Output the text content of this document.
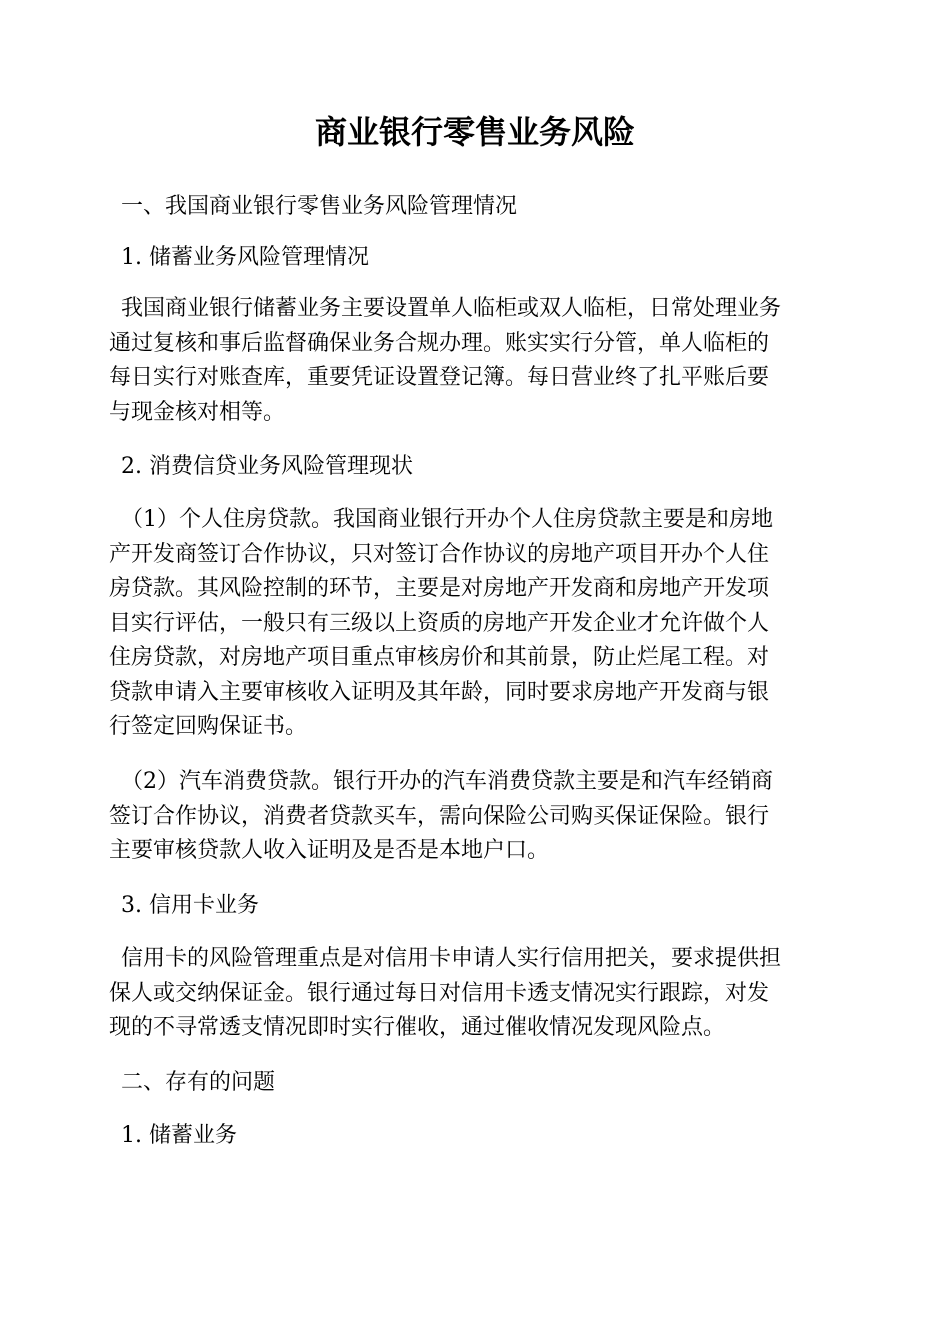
商业银行零售业务风险
一、我国商业银行零售业务风险管理情况
1. 储蓄业务风险管理情况
我国商业银行储蓄业务主要设置单人临柜或双人临柜，日常处理业务
通过复核和事后监督确保业务合规办理。账实实行分管，单人临柜的
每日实行对账查库，重要凭证设置登记簿。每日营业终了扎平账后要
与现金核对相等。
2. 消费信贷业务风险管理现状
（1）个人住房贷款。我国商业银行开办个人住房贷款主要是和房地
产开发商签订合作协议，只对签订合作协议的房地产项目开办个人住
房贷款。其风险控制的环节，主要是对房地产开发商和房地产开发项
目实行评估，一般只有三级以上资质的房地产开发企业才允许做个人
住房贷款，对房地产项目重点审核房价和其前景，防止烂尾工程。对
贷款申请入主要审核收入证明及其年龄，同时要求房地产开发商与银
行签定回购保证书。
（2）汽车消费贷款。银行开办的汽车消费贷款主要是和汽车经销商
签订合作协议，消费者贷款买车，需向保险公司购买保证保险。银行
主要审核贷款人收入证明及是否是本地户口。
3. 信用卡业务
信用卡的风险管理重点是对信用卡申请人实行信用把关，要求提供担
保人或交纳保证金。银行通过每日对信用卡透支情况实行跟踪，对发
现的不寻常透支情况即时实行催收，通过催收情况发现风险点。
二、存有的问题
1. 储蓄业务
